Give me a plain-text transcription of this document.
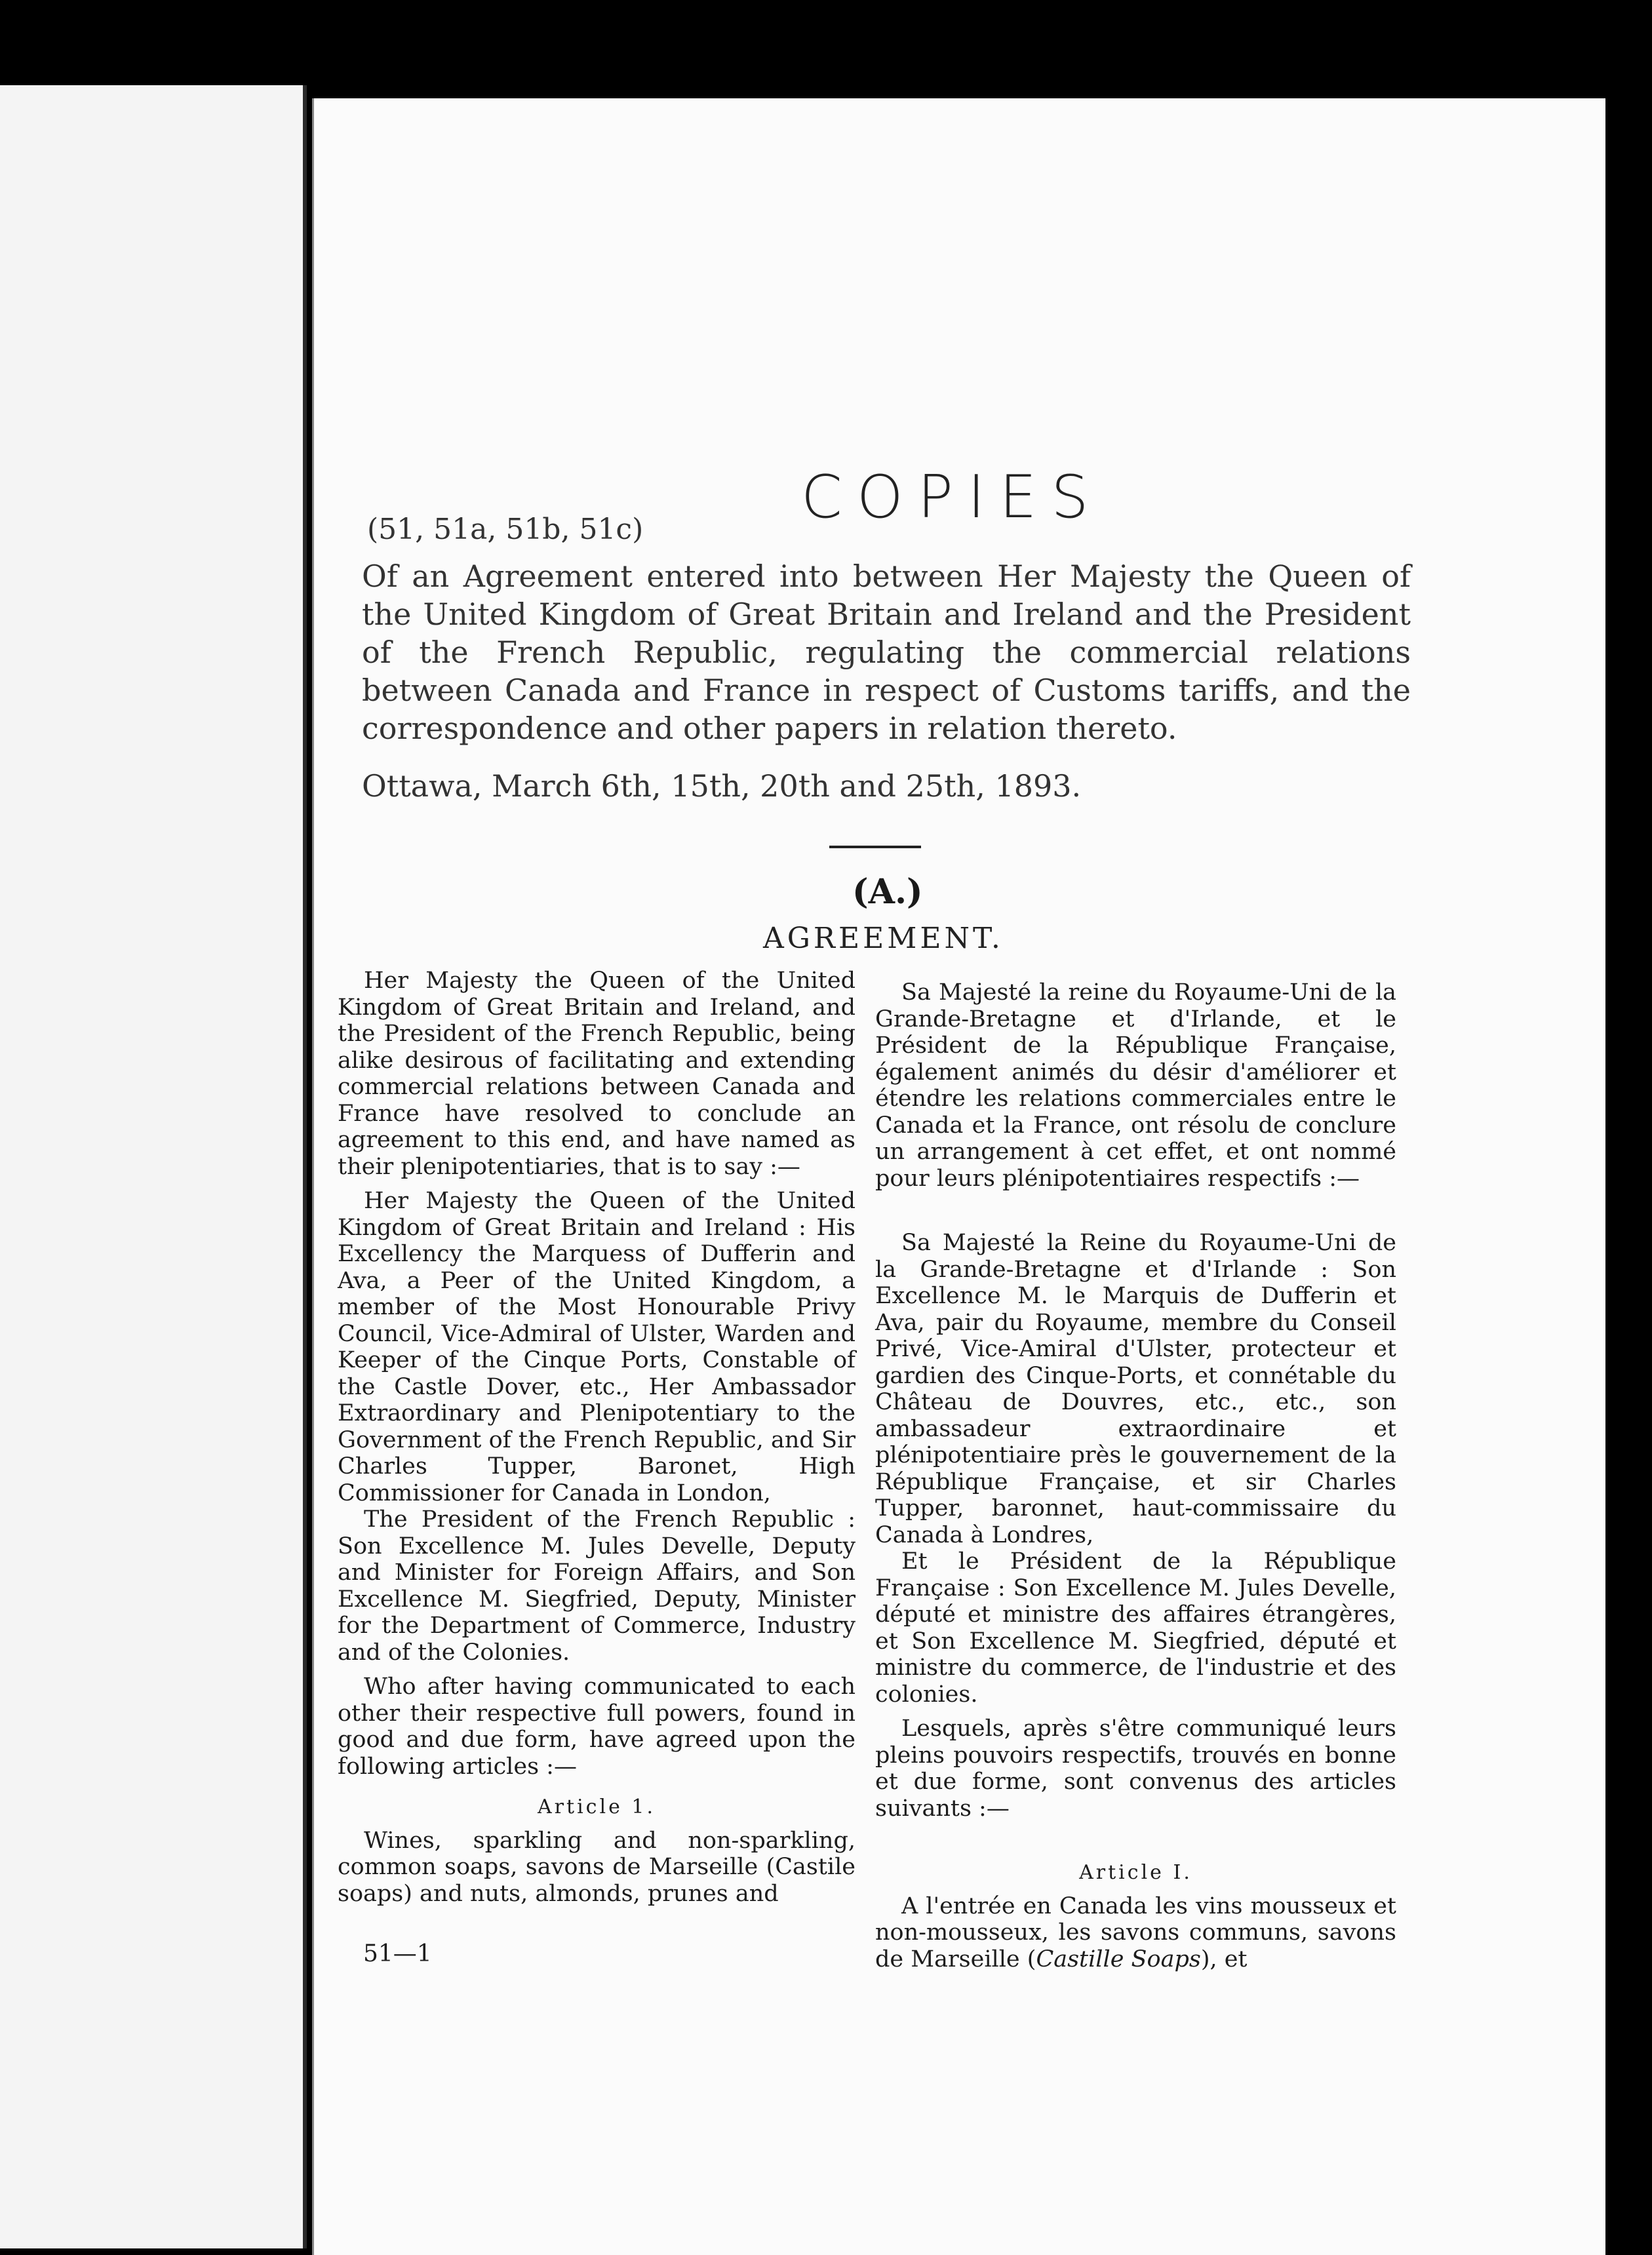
COPIES
(51, 51a, 51b, 51c)
Of an Agreement entered into between Her Majesty the Queen of the United Kingdom of Great Britain and Ireland and the President of the French Republic, regulating the commercial relations between Canada and France in respect of Customs tariffs, and the correspondence and other papers in relation thereto.
Ottawa, March 6th, 15th, 20th and 25th, 1893.
(A.)
AGREEMENT.

Her Majesty the Queen of the United Kingdom of Great Britain and Ireland, and the President of the French Republic, being alike desirous of facilitating and extending commercial relations between Canada and France have resolved to conclude an agreement to this end, and have named as their plenipotentiaries, that is to say :—

Her Majesty the Queen of the United Kingdom of Great Britain and Ireland : His Excellency the Marquess of Dufferin and Ava, a Peer of the United Kingdom, a member of the Most Honourable Privy Council, Vice-Admiral of Ulster, Warden and Keeper of the Cinque Ports, Constable of the Castle Dover, etc., Her Ambassador Extraordinary and Plenipotentiary to the Government of the French Republic, and Sir Charles Tupper, Baronet, High Commissioner for Canada in London,

The President of the French Republic : Son Excellence M. Jules Develle, Deputy and Minister for Foreign Affairs, and Son Excellence M. Siegfried, Deputy, Minister for the Department of Commerce, Industry and of the Colonies.

Who after having communicated to each other their respective full powers, found in good and due form, have agreed upon the following articles :—

Article 1.

Wines, sparkling and non-sparkling, common soaps, savons de Marseille (Castile soaps) and nuts, almonds, prunes and

Sa Majesté la reine du Royaume-Uni de la Grande-Bretagne et d'Irlande, et le Président de la République Française, également animés du désir d'améliorer et étendre les relations commerciales entre le Canada et la France, ont résolu de conclure un arrangement à cet effet, et ont nommé pour leurs plénipotentiaires respectifs :—

Sa Majesté la Reine du Royaume-Uni de la Grande-Bretagne et d'Irlande : Son Excellence M. le Marquis de Dufferin et Ava, pair du Royaume, membre du Conseil Privé, Vice-Amiral d'Ulster, protecteur et gardien des Cinque-Ports, et connétable du Château de Douvres, etc., etc., son ambassadeur extraordinaire et plénipotentiaire près le gouvernement de la République Française, et sir Charles Tupper, baronnet, haut-commissaire du Canada à Londres,

Et le Président de la République Française : Son Excellence M. Jules Develle, député et ministre des affaires étrangères, et Son Excellence M. Siegfried, député et ministre du commerce, de l'industrie et des colonies.

Lesquels, après s'être communiqué leurs pleins pouvoirs respectifs, trouvés en bonne et due forme, sont convenus des articles suivants :—

Article I.

A l'entrée en Canada les vins mousseux et non-mousseux, les savons communs, savons de Marseille (Castille Soaps), et

51—1
